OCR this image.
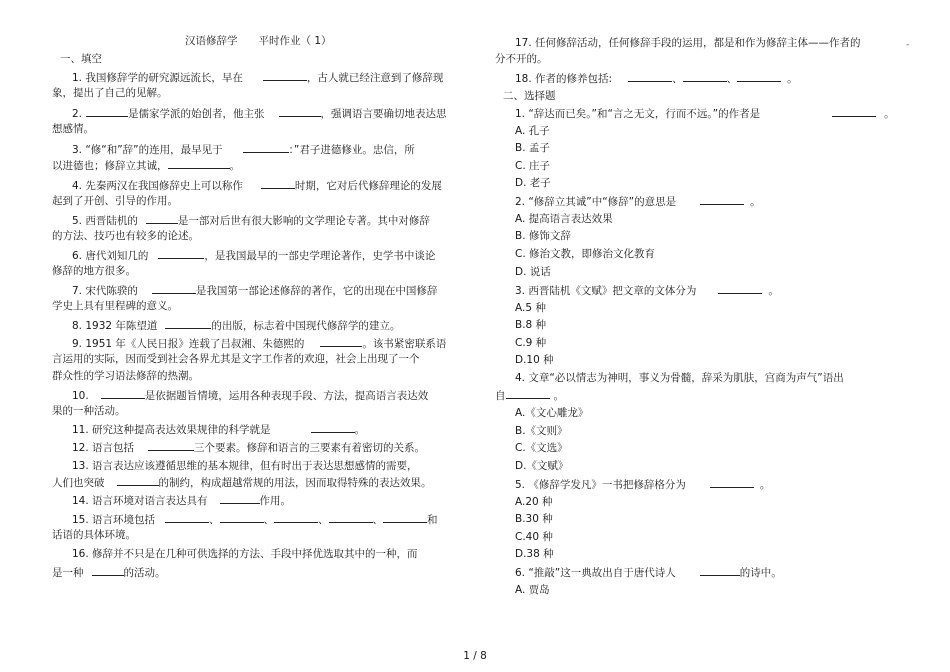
汉语修辞学　　平时作业（ 1）
一、填空
1. 我国修辞学的研究源远流长，早在	，古人就已经注意到了修辞现
象，提出了自己的见解。
2.	是儒家学派的始创者，他主张	，强调语言要确切地表达思
想感情。
3. “修“和”辞”的连用，最早见于	：”君子进德修业。忠信，所
以进德也；修辞立其诚，	。
4. 先秦两汉在我国修辞史上可以称作	时期，它对后代修辞理论的发展
起到了开创、引导的作用。
5. 西晋陆机的	是一部对后世有很大影响的文学理论专著。其中对修辞
的方法、技巧也有较多的论述。
6. 唐代刘知几的	，是我国最早的一部史学理论著作，史学书中谈论
修辞的地方很多。
7. 宋代陈骙的	是我国第一部论述修辞的著作，它的出现在中国修辞
学史上具有里程碑的意义。
8. 1932 年陈望道	的出版，标志着中国现代修辞学的建立。
9. 1951 年《人民日报》连载了吕叔湘、朱德熙的	。该书紧密联系语
言运用的实际，因而受到社会各界尤其是文字工作者的欢迎，社会上出现了一个
群众性的学习语法修辞的热潮。
10.	是依据题旨情境，运用各种表现手段、方法，提高语言表达效
果的一种活动。
11. 研究这种提高表达效果规律的科学就是	。
12. 语言包括	三个要素。修辞和语言的三要素有着密切的关系。
13. 语言表达应该遵循思维的基本规律，但有时出于表达思想感情的需要，
人们也突破	的制约，构成超越常规的用法，因而取得特殊的表达效果。
14. 语言环境对语言表达具有	作用。
15. 语言环境包括	、	、	、	、	和
话语的具体环境。
16. 修辞并不只是在几种可供选择的方法、手段中择优选取其中的一种，而
是一种	的活动。
17. 任何修辞活动，任何修辞手段的运用，都是和作为修辞主体——作者的
分不开的。
18. 作者的修养包括:	、	、	。
二、选择题
1. “辞达而已矣。”和“言之无文，行而不远。”的作者是	。
A. 孔子
B. 孟子
C. 庄子
D. 老子
2. “修辞立其诚”中“修辞”的意思是	。
A. 提高语言表达效果
B. 修饰文辞
C. 修治文教，即修治文化教育
D. 说话
3. 西晋陆机《文赋》把文章的文体分为	。
A.5 种
B.8 种
C.9 种
D.10 种
4. 文章“必以情志为神明，事义为骨髓，辞采为肌肤，宫商为声气”语出
自	。
A.《文心雕龙》
B.《文则》
C.《文选》
D.《文赋》
5. 《修辞学发凡》一书把修辞格分为	。
A.20 种
B.30 种
C.40 种
D.38 种
6. “推敲”这一典故出自于唐代诗人	的诗中。
A. 贾岛
-
1 / 8
